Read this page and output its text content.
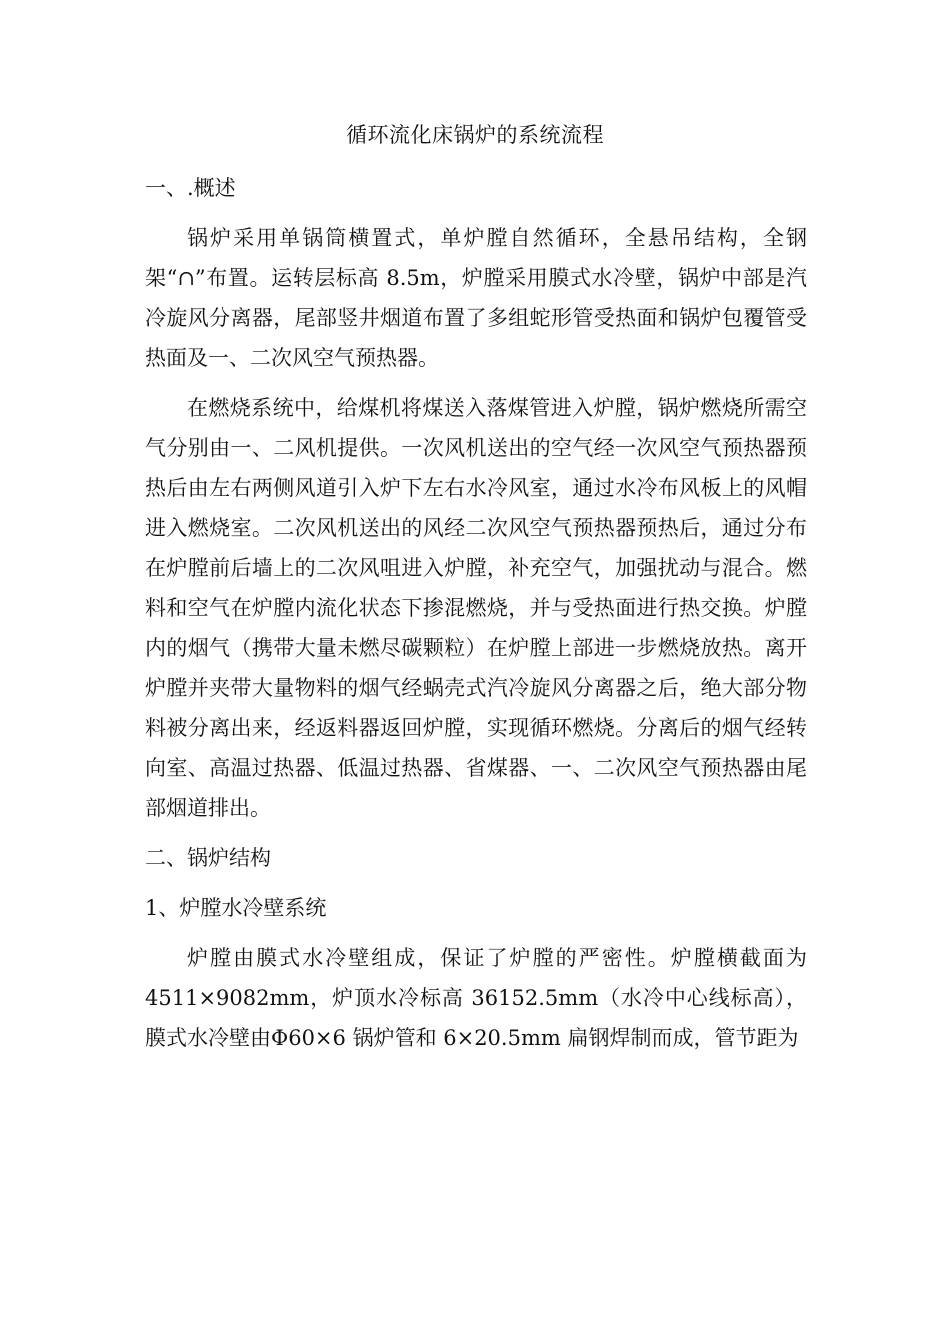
循环流化床锅炉的系统流程

一、.概述

锅炉采用单锅筒横置式，单炉膛自然循环，全悬吊结构，全钢架“∩”布置。运转层标高 8.5m，炉膛采用膜式水冷壁，锅炉中部是汽冷旋风分离器，尾部竖井烟道布置了多组蛇形管受热面和锅炉包覆管受热面及一、二次风空气预热器。

在燃烧系统中，给煤机将煤送入落煤管进入炉膛，锅炉燃烧所需空气分别由一、二风机提供。一次风机送出的空气经一次风空气预热器预热后由左右两侧风道引入炉下左右水冷风室，通过水冷布风板上的风帽进入燃烧室。二次风机送出的风经二次风空气预热器预热后，通过分布在炉膛前后墙上的二次风咀进入炉膛，补充空气，加强扰动与混合。燃料和空气在炉膛内流化状态下掺混燃烧，并与受热面进行热交换。炉膛内的烟气（携带大量未燃尽碳颗粒）在炉膛上部进一步燃烧放热。离开炉膛并夹带大量物料的烟气经蜗壳式汽冷旋风分离器之后，绝大部分物料被分离出来，经返料器返回炉膛，实现循环燃烧。分离后的烟气经转向室、高温过热器、低温过热器、省煤器、一、二次风空气预热器由尾部烟道排出。

二、锅炉结构

1、炉膛水冷壁系统

炉膛由膜式水冷壁组成，保证了炉膛的严密性。炉膛横截面为 4511×9082mm，炉顶水冷标高 36152.5mm（水冷中心线标高），膜式水冷壁由Φ60×6 锅炉管和 6×20.5mm 扁钢焊制而成，管节距为
